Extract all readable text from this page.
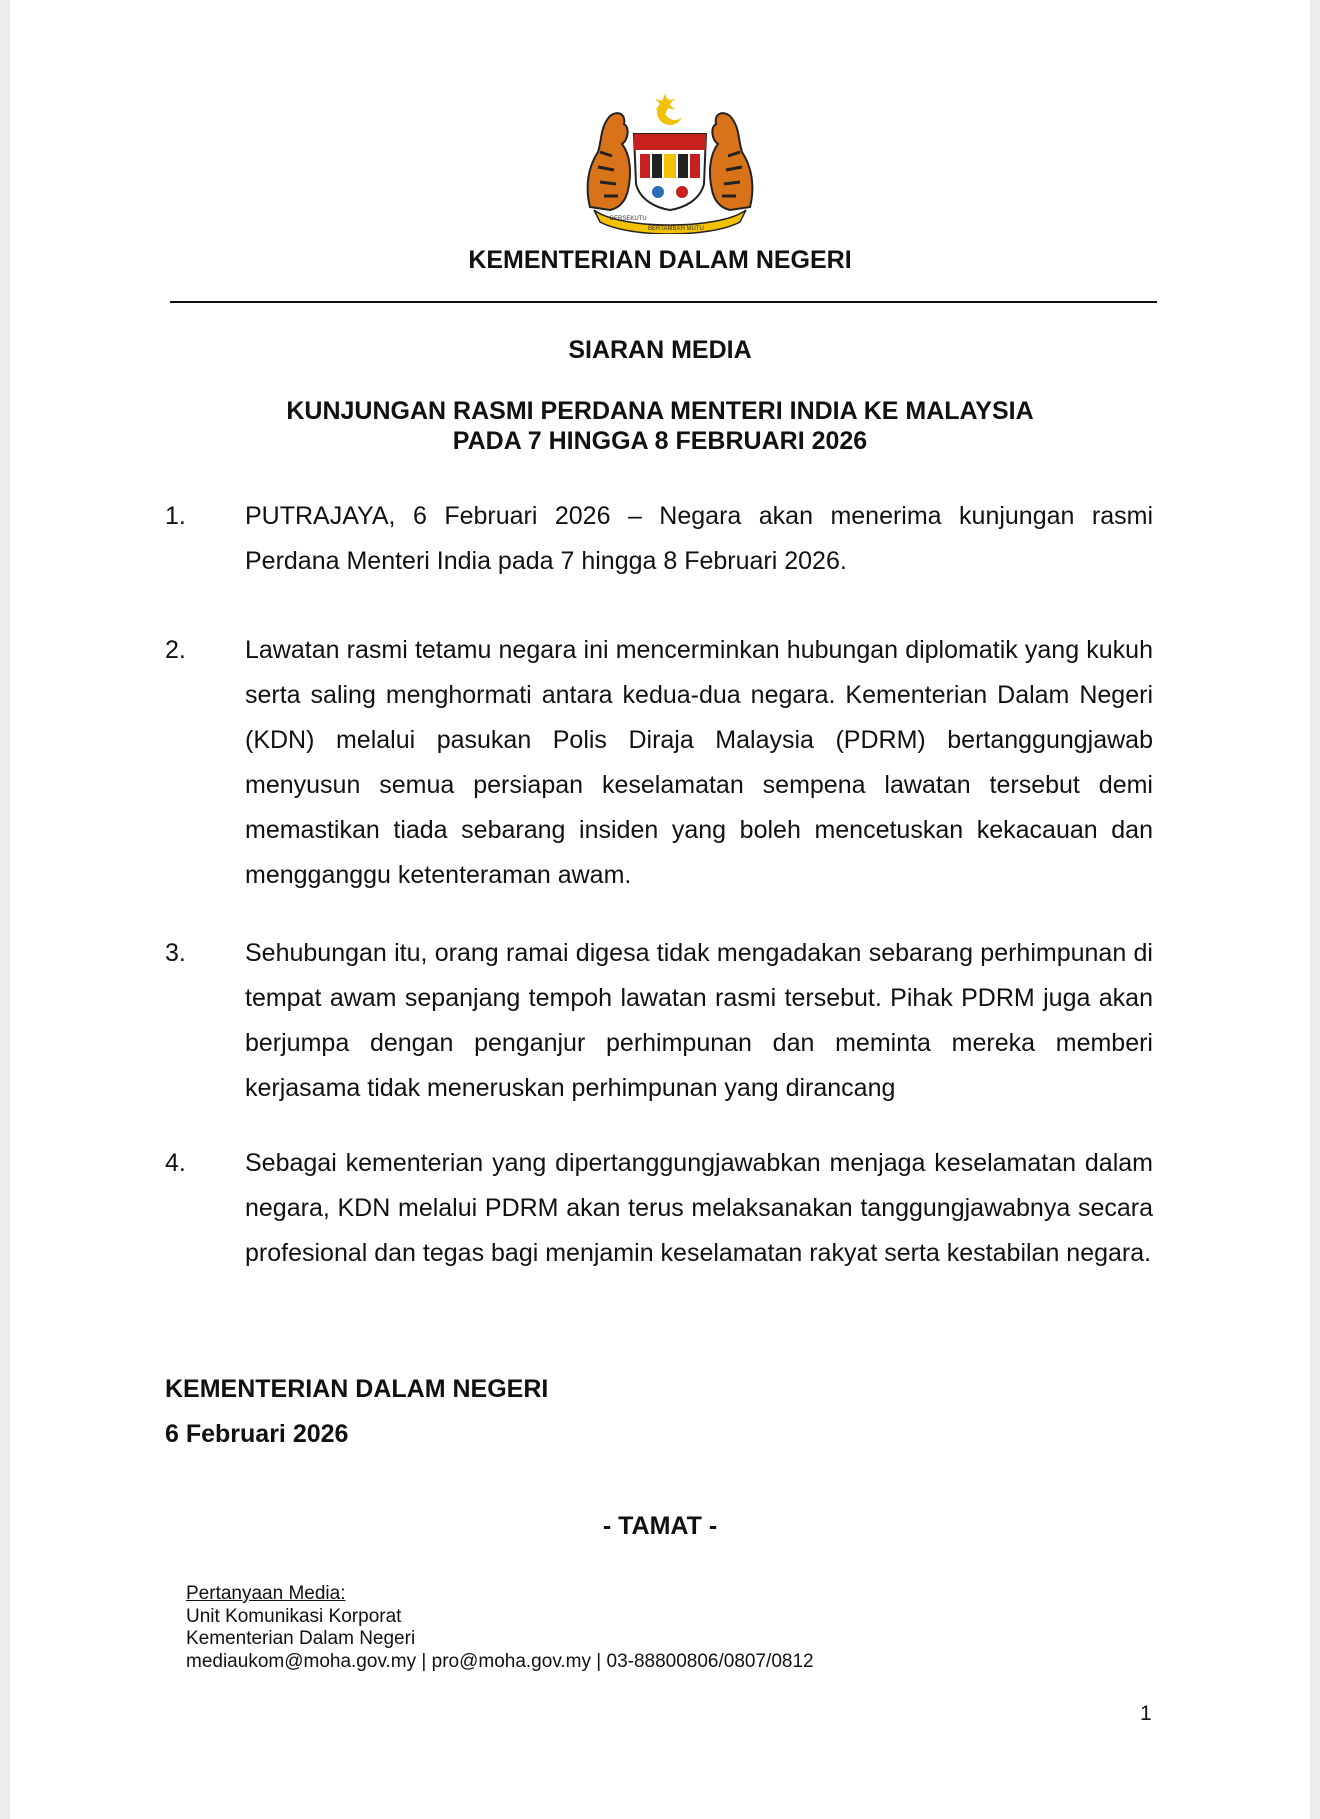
BERSEKUTU
BERTAMBAH MUTU
KEMENTERIAN DALAM NEGERI
SIARAN MEDIA
KUNJUNGAN RASMI PERDANA MENTERI INDIA KE MALAYSIA
PADA 7 HINGGA 8 FEBRUARI 2026
1. PUTRAJAYA, 6 Februari 2026 – Negara akan menerima kunjungan rasmi Perdana Menteri India pada 7 hingga 8 Februari 2026.
2. Lawatan rasmi tetamu negara ini mencerminkan hubungan diplomatik yang kukuh serta saling menghormati antara kedua-dua negara. Kementerian Dalam Negeri (KDN) melalui pasukan Polis Diraja Malaysia (PDRM) bertanggungjawab menyusun semua persiapan keselamatan sempena lawatan tersebut demi memastikan tiada sebarang insiden yang boleh mencetuskan kekacauan dan mengganggu ketenteraman awam.
3. Sehubungan itu, orang ramai digesa tidak mengadakan sebarang perhimpunan di tempat awam sepanjang tempoh lawatan rasmi tersebut. Pihak PDRM juga akan berjumpa dengan penganjur perhimpunan dan meminta mereka memberi kerjasama tidak meneruskan perhimpunan yang dirancang
4. Sebagai kementerian yang dipertanggungjawabkan menjaga keselamatan dalam negara, KDN melalui PDRM akan terus melaksanakan tanggungjawabnya secara profesional dan tegas bagi menjamin keselamatan rakyat serta kestabilan negara.
KEMENTERIAN DALAM NEGERI
6 Februari 2026
- TAMAT -
Pertanyaan Media:
Unit Komunikasi Korporat
Kementerian Dalam Negeri
mediaukom@moha.gov.my | pro@moha.gov.my | 03-88800806/0807/0812
1
